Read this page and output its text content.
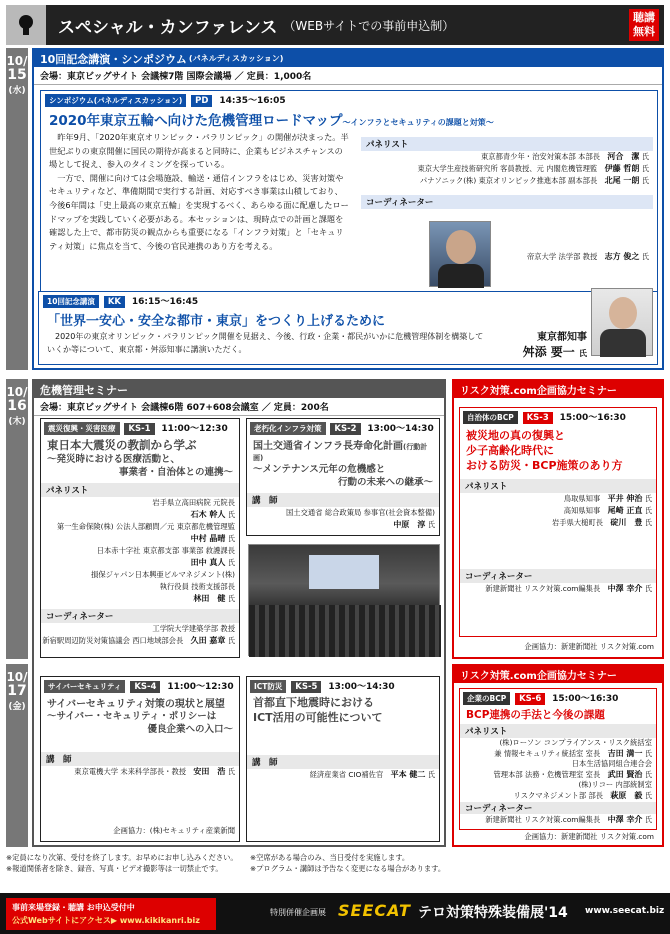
スペシャル・カンファレンス （WEBサイトでの事前申込制）
聴講無料
10/
15
(水)
10回記念講演・シンポジウム (パネルディスカッション)
会場：東京ビッグサイト 会議棟7階 国際会議場 ／ 定員：1,000名
シンポジウム(パネルディスカッション) PD 14:35〜16:05
2020年東京五輪へ向けた危機管理ロードマップ〜インフラとセキュリティの課題と対策〜

昨年9月、「2020年東京オリンピック・パラリンピック」の開催が決まった。半世紀ぶりの東京開催に国民の期待が高まると同時に、企業もビジネスチャンスの場として捉え、参入のタイミングを探っている。

一方で、開催に向けては会場施設、輸送・通信インフラをはじめ、災害対策やセキュリティなど、準備期間で実行する計画、対応すべき事業は山積しており、今後6年間は「史上最高の東京五輪」を実現するべく、あらゆる面に配慮したロードマップを実践していく必要がある。本セッションは、現時点での計画と課題を確認した上で、都市防災の観点からも重要になる「インフラ対策」と「セキュリティ対策」に焦点を当て、今後の官民連携のあり方を考える。

パネリスト
東京都青少年・治安対策本部 本部長　 河合　潔 氏
東京大学生産技術研究所 客員教授、元 内閣危機管理監　 伊藤 哲朗 氏
パナソニック(株) 東京オリンピック推進本部 副本部長　 北尾 一朗 氏
コーディネーター
帝京大学 法学部 教授　 志方 俊之 氏
10回記念講演 KK 16:15〜16:45
「世界一安心・安全な都市・東京」をつくり上げるために

2020年の東京オリンピック・パラリンピック開催を見据え、今後、行政・企業・都民がいかに危機管理体制を構築していくか等について、東京都・舛添知事に講演いただく。

東京都知事
舛添 要一 氏
10/
16
(木)
危機管理セミナー
会場：東京ビッグサイト 会議棟6階 607+608会議室 ／ 定員：200名
震災復興・災害医療 KS-1 11:00〜12:30
東日本大震災の教訓から学ぶ
〜発災時における医療活動と、
事業者・自治体との連携〜
パネリスト
岩手県立高田病院 元院長
石木 幹人 氏
第一生命保険(株) 公法人部顧問／元 東京都危機管理監
中村 晶晴 氏
日本赤十字社 東京都支部 事業部 救護課長
田中 真人 氏
損保ジャパン日本興亜ビルマネジメント(株)
執行役員 技術支援部長
林田　健 氏
コーディネーター
工学院大学建築学部 教授
新宿駅周辺防災対策協議会 西口地域部会長　 久田 嘉章 氏
老朽化インフラ対策 KS-2 13:00〜14:30
国土交通省インフラ長寿命化計画(行動計画)
〜メンテナンス元年の危機感と
行動の未来への継承〜
講　師
国土交通省 総合政策局 参事官(社会資本整備)
中原　淳 氏
10/
17
(金)
サイバーセキュリティ KS-4 11:00〜12:30
サイバーセキュリティ対策の現状と展望
〜サイバー・セキュリティ・ポリシーは
優良企業への入口〜
講　師
東京電機大学 未来科学部長・教授　 安田　浩 氏
企画協力：(株)セキュリティ産業新聞
ICT防災 KS-5 13:00〜14:30
首都直下地震時における
ICT活用の可能性について
講　師
経済産業省 CIO補佐官　 平本 健二 氏
リスク対策.com企画協力セミナー
自治体のBCP KS-3 15:00〜16:30
被災地の真の復興と
少子高齢化時代に
おける防災・BCP施策のあり方
パネリスト
鳥取県知事　 平井 伸治 氏
高知県知事　 尾崎 正直 氏
岩手県大槌町長　 碇川　豊 氏
コーディネーター
新建新聞社 リスク対策.com編集長　 中澤 幸介 氏
企画協力：新建新聞社 リスク対策.com
リスク対策.com企画協力セミナー
企業のBCP KS-6 15:00〜16:30
BCP連携の手法と今後の課題
パネリスト
(株)ローソン コンプライアンス・リスク統括室
兼 情報セキュリティ統括室 室長　 吉田 満一 氏
日本生活協同組合連合会
管理本部 法務・危機管理室 室長　 武田 賢治 氏
(株)リコー 内部統制室
リスクマネジメント部 部長　 萩原　毅 氏
コーディネーター
新建新聞社 リスク対策.com編集長　 中澤 幸介 氏
企画協力：新建新聞社 リスク対策.com
※定員になり次第、受付を終了します。お早めにお申し込みください。
※報道関係者を除き、録音、写真・ビデオ撮影等は一切禁止です。
※空席がある場合のみ、当日受付を実施します。
※プログラム・講師は予告なく変更になる場合があります。
事前来場登録・聴講 お申込受付中
公式Webサイトにアクセス▶ www.kikikanri.biz
特別併催企画展 SEECAT テロ対策特殊装備展'14 www.seecat.biz
